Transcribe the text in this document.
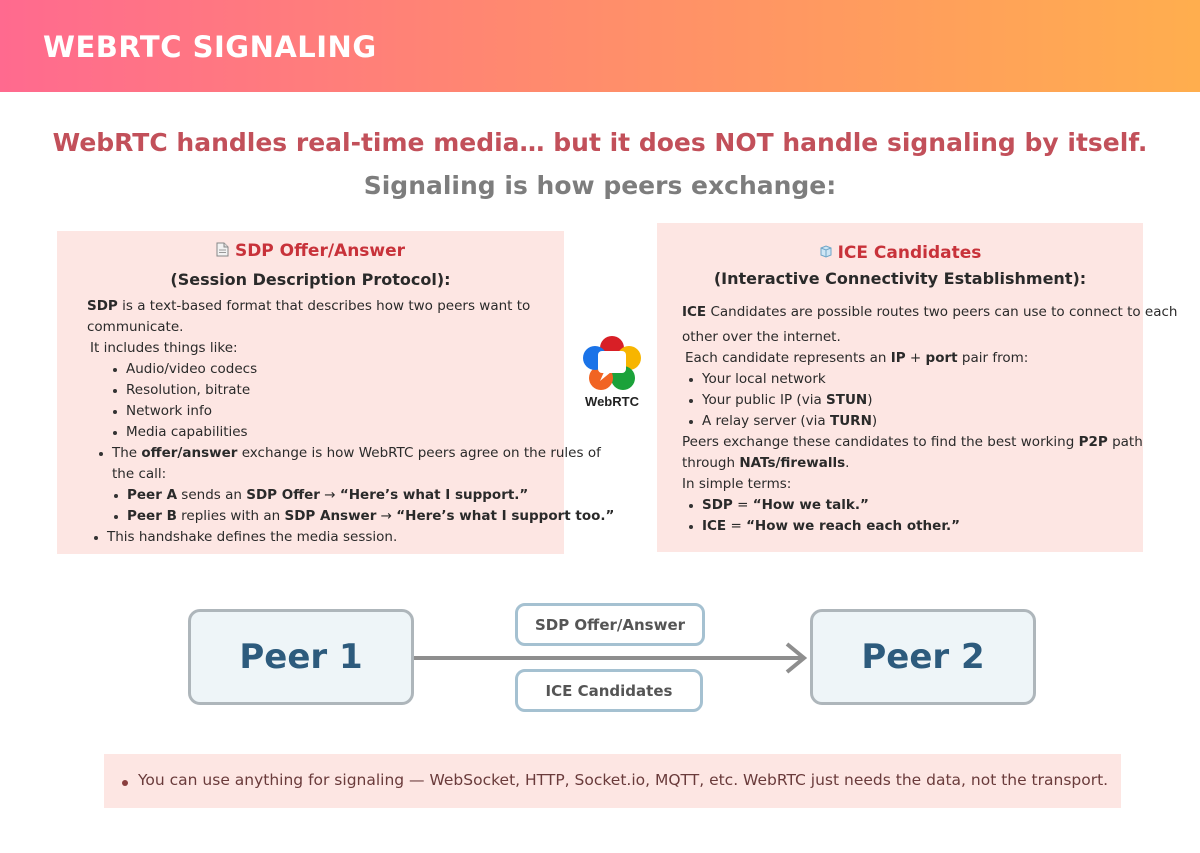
WEBRTC SIGNALING
WebRTC handles real-time media… but it does NOT handle signaling by itself.
Signaling is how peers exchange:
SDP Offer/Answer
(Session Description Protocol):
SDP is a text-based format that describes how two peers want to
communicate.
It includes things like:
Audio/video codecs
Resolution, bitrate
Network info
Media capabilities
The offer/answer exchange is how WebRTC peers agree on the rules of
the call:
Peer A sends an SDP Offer → “Here’s what I support.”
Peer B replies with an SDP Answer → “Here’s what I support too.”
This handshake defines the media session.
WebRTC
ICE Candidates
(Interactive Connectivity Establishment):
ICE Candidates are possible routes two peers can use to connect to each
other over the internet.
Each candidate represents an IP + port pair from:
Your local network
Your public IP (via STUN)
A relay server (via TURN)
Peers exchange these candidates to find the best working P2P path
through NATs/firewalls.
In simple terms:
SDP = “How we talk.”
ICE = “How we reach each other.”
Peer 1	Peer 2
SDP Offer/Answer
ICE Candidates
You can use anything for signaling — WebSocket, HTTP, Socket.io, MQTT, etc. WebRTC just needs the data, not the transport.
